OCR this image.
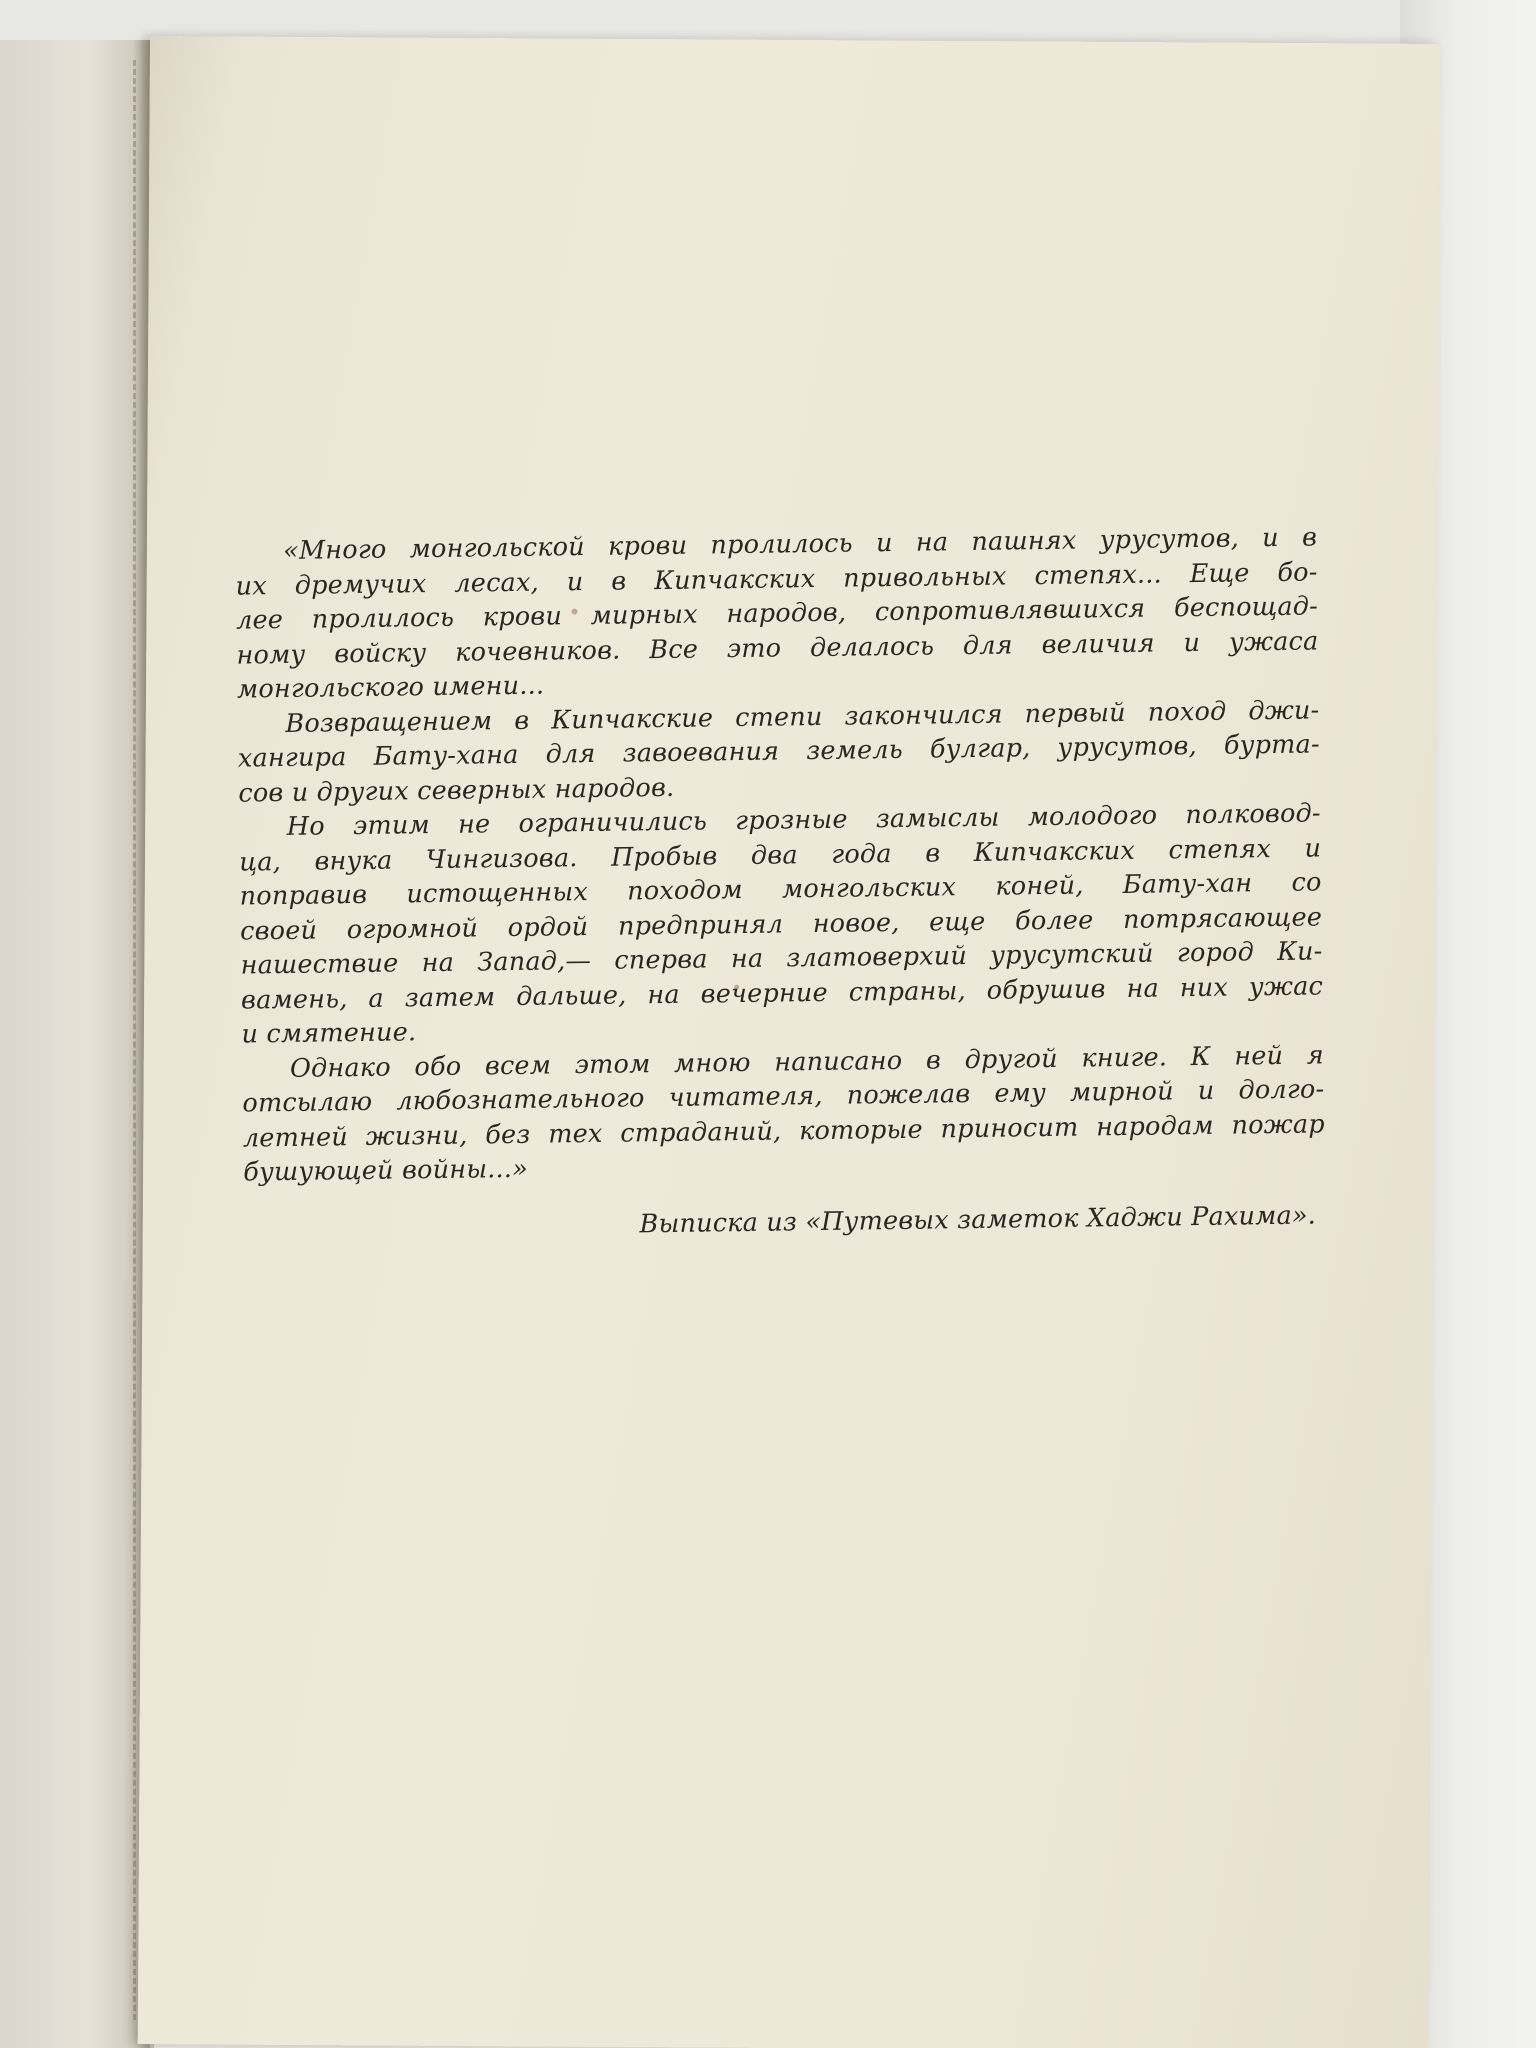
«Много монгольской крови пролилось и на пашнях урусутов, и в
их дремучих лесах, и в Кипчакских привольных степях... Еще бо-
лее пролилось крови мирных народов, сопротивлявшихся беспощад-
ному войску кочевников. Все это делалось для величия и ужаса
монгольского имени...
Возвращением в Кипчакские степи закончился первый поход джи-
хангира Бату-хана для завоевания земель булгар, урусутов, бурта-
сов и других северных народов.
Но этим не ограничились грозные замыслы молодого полковод-
ца, внука Чингизова. Пробыв два года в Кипчакских степях и
поправив истощенных походом монгольских коней, Бату-хан со
своей огромной ордой предпринял новое, еще более потрясающее
нашествие на Запад,— сперва на златоверхий урусутский город Ки-
вамень, а затем дальше, на вечерние страны, обрушив на них ужас
и смятение.
Однако обо всем этом мною написано в другой книге. К ней я
отсылаю любознательного читателя, пожелав ему мирной и долго-
летней жизни, без тех страданий, которые приносит народам пожар
бушующей войны...»
Выписка из «Путевых заметок Хаджи Рахима».
